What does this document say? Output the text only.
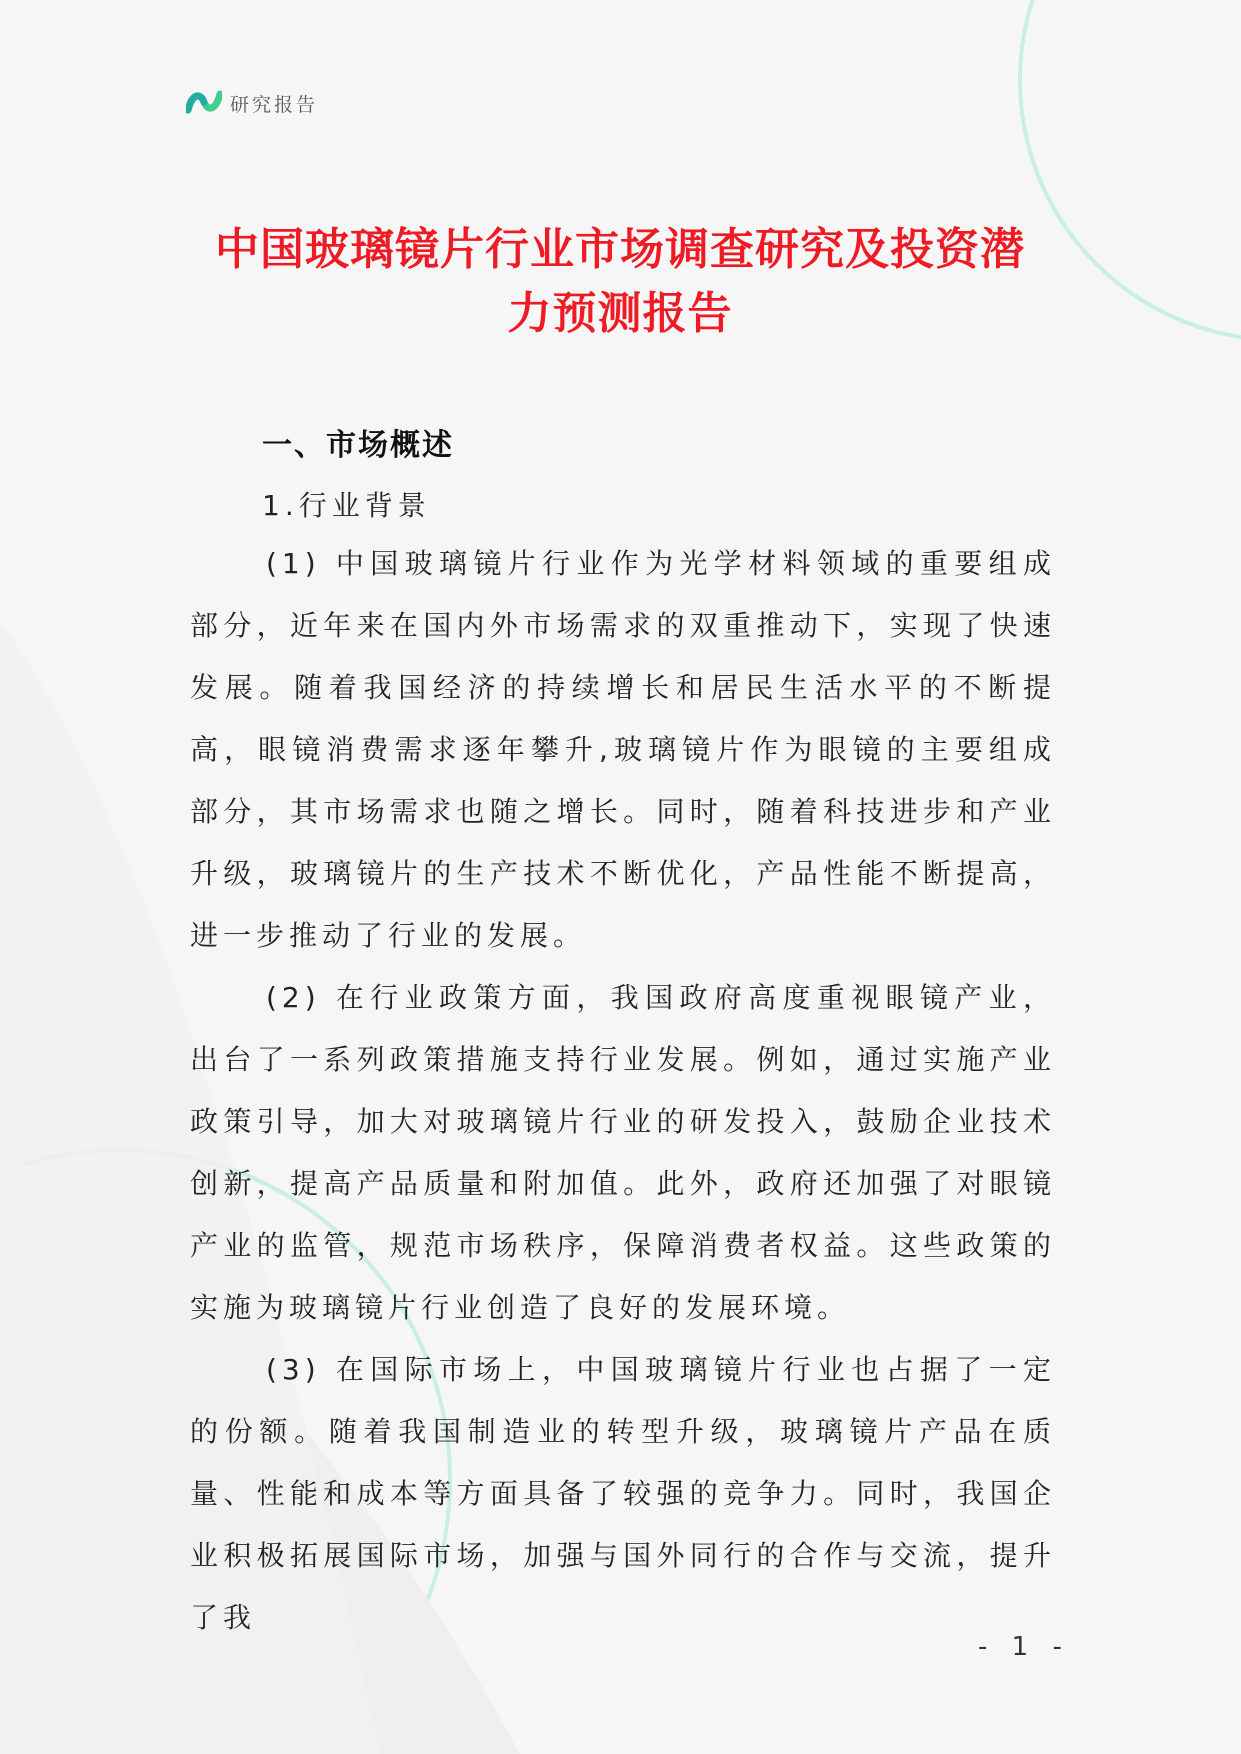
研究报告
中国玻璃镜片行业市场调查研究及投资潜
力预测报告
一、市场概述
1.行业背景

(1) 中国玻璃镜片行业作为光学材料领域的重要组成部分，近年来在国内外市场需求的双重推动下，实现了快速发展。随着我国经济的持续增长和居民生活水平的不断提高，眼镜消费需求逐年攀升,玻璃镜片作为眼镜的主要组成部分，其市场需求也随之增长。同时，随着科技进步和产业升级，玻璃镜片的生产技术不断优化，产品性能不断提高，进一步推动了行业的发展。

(2) 在行业政策方面，我国政府高度重视眼镜产业，出台了一系列政策措施支持行业发展。例如，通过实施产业政策引导，加大对玻璃镜片行业的研发投入，鼓励企业技术创新，提高产品质量和附加值。此外，政府还加强了对眼镜产业的监管，规范市场秩序，保障消费者权益。这些政策的实施为玻璃镜片行业创造了良好的发展环境。

(3) 在国际市场上，中国玻璃镜片行业也占据了一定的份额。随着我国制造业的转型升级，玻璃镜片产品在质量、性能和成本等方面具备了较强的竞争力。同时，我国企业积极拓展国际市场，加强与国外同行的合作与交流，提升了我

- 1 -
